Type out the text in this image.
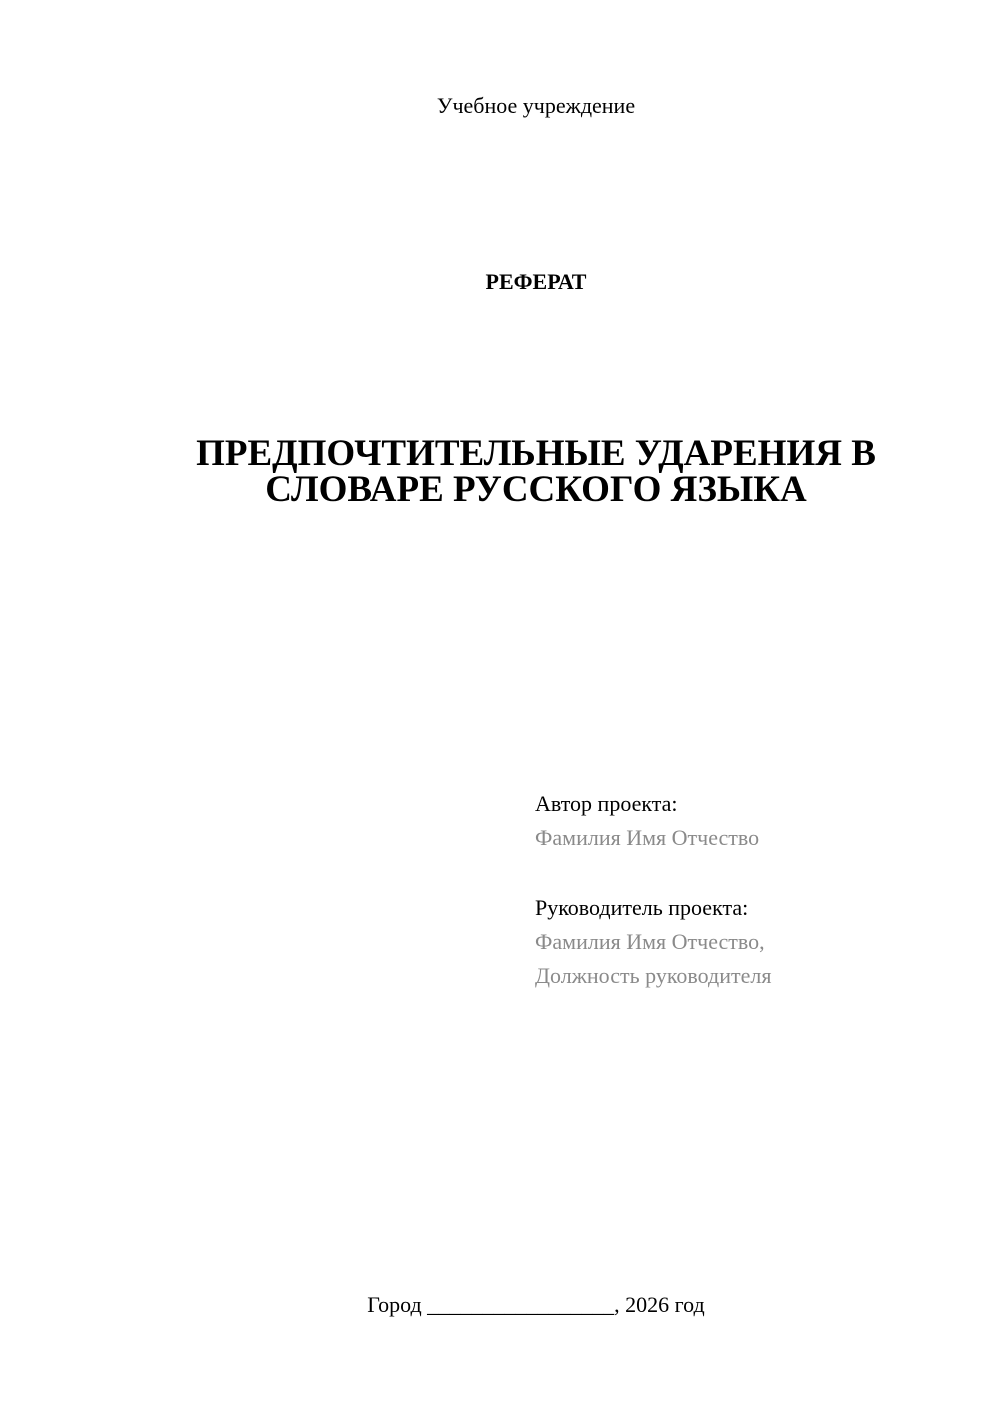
Учебное учреждение
РЕФЕРАТ
ПРЕДПОЧТИТЕЛЬНЫЕ УДАРЕНИЯ В
СЛОВАРЕ РУССКОГО ЯЗЫКА
Автор проекта:
Фамилия Имя Отчество
Руководитель проекта:
Фамилия Имя Отчество,
Должность руководителя
Город _________________, 2026 год
